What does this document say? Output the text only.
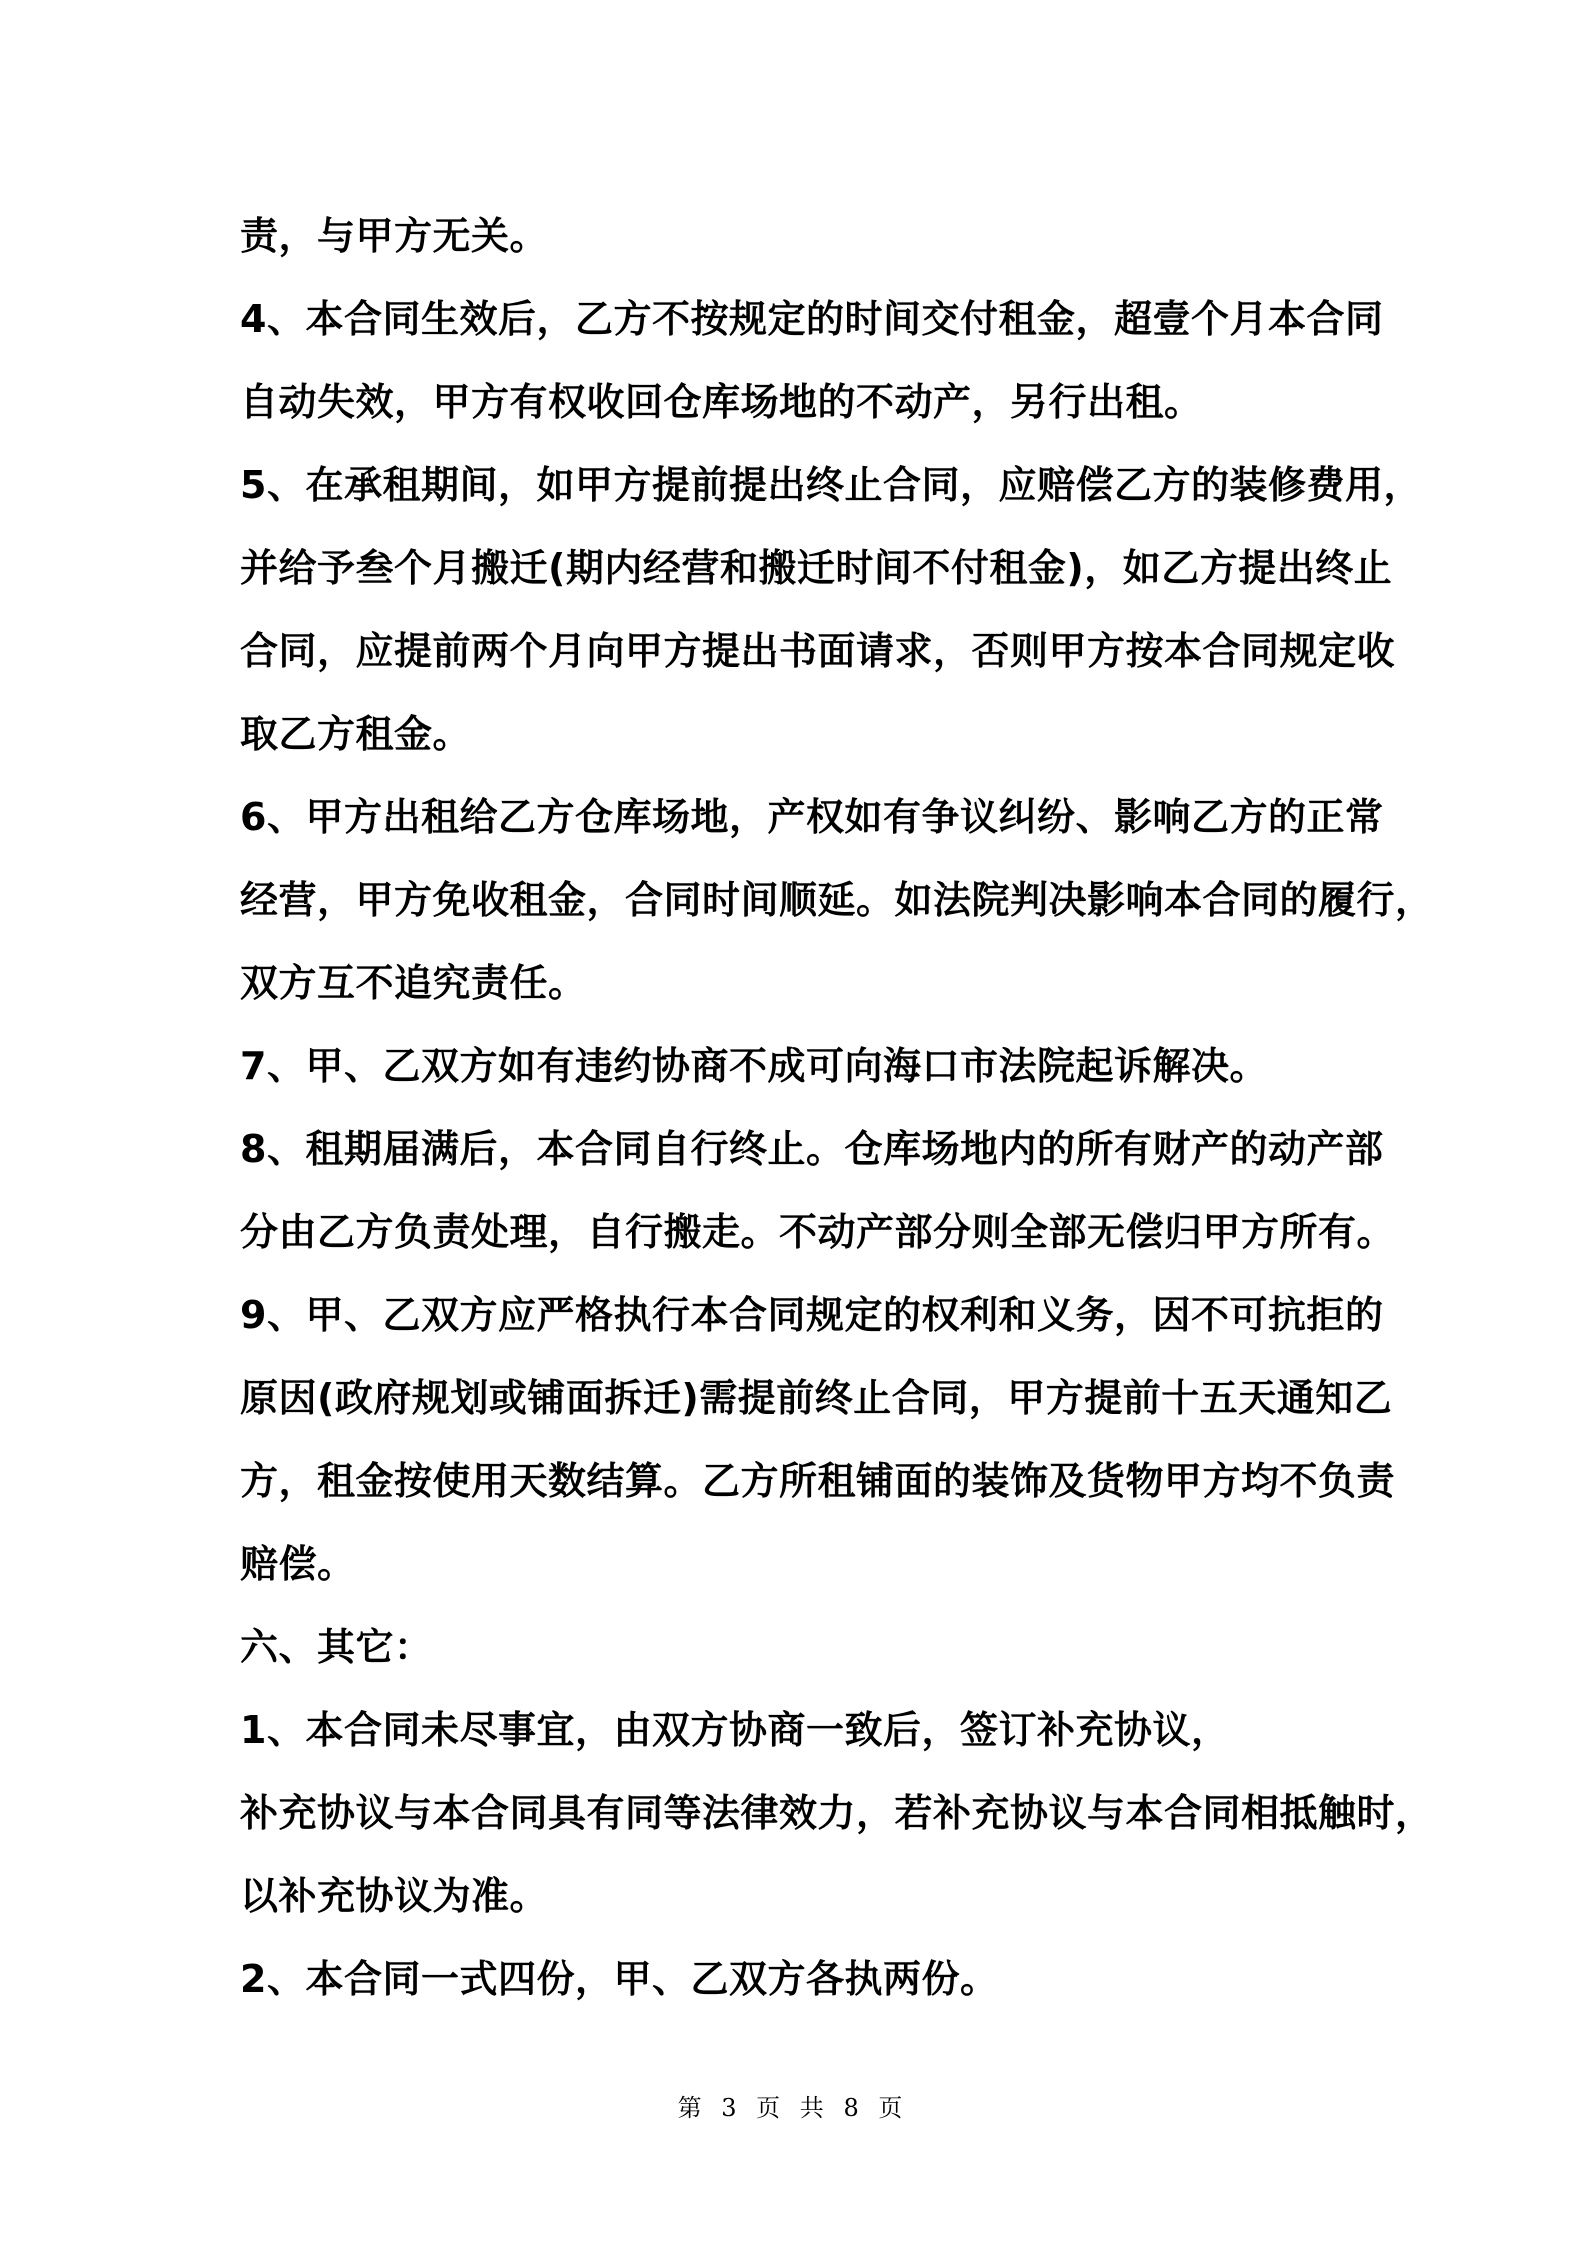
责，与甲方无关。
4、本合同生效后，乙方不按规定的时间交付租金，超壹个月本合同
自动失效，甲方有权收回仓库场地的不动产，另行出租。
5、在承租期间，如甲方提前提出终止合同，应赔偿乙方的装修费用，
并给予叁个月搬迁(期内经营和搬迁时间不付租金)，如乙方提出终止
合同，应提前两个月向甲方提出书面请求，否则甲方按本合同规定收
取乙方租金。
6、甲方出租给乙方仓库场地，产权如有争议纠纷、影响乙方的正常
经营，甲方免收租金，合同时间顺延。如法院判决影响本合同的履行，
双方互不追究责任。
7、甲、乙双方如有违约协商不成可向海口市法院起诉解决。
8、租期届满后，本合同自行终止。仓库场地内的所有财产的动产部
分由乙方负责处理，自行搬走。不动产部分则全部无偿归甲方所有。
9、甲、乙双方应严格执行本合同规定的权利和义务，因不可抗拒的
原因(政府规划或铺面拆迁)需提前终止合同，甲方提前十五天通知乙
方，租金按使用天数结算。乙方所租铺面的装饰及货物甲方均不负责
赔偿。
六、其它：
1、本合同未尽事宜，由双方协商一致后，签订补充协议，
补充协议与本合同具有同等法律效力，若补充协议与本合同相抵触时，
以补充协议为准。
2、本合同一式四份，甲、乙双方各执两份。
第 3 页 共 8 页
